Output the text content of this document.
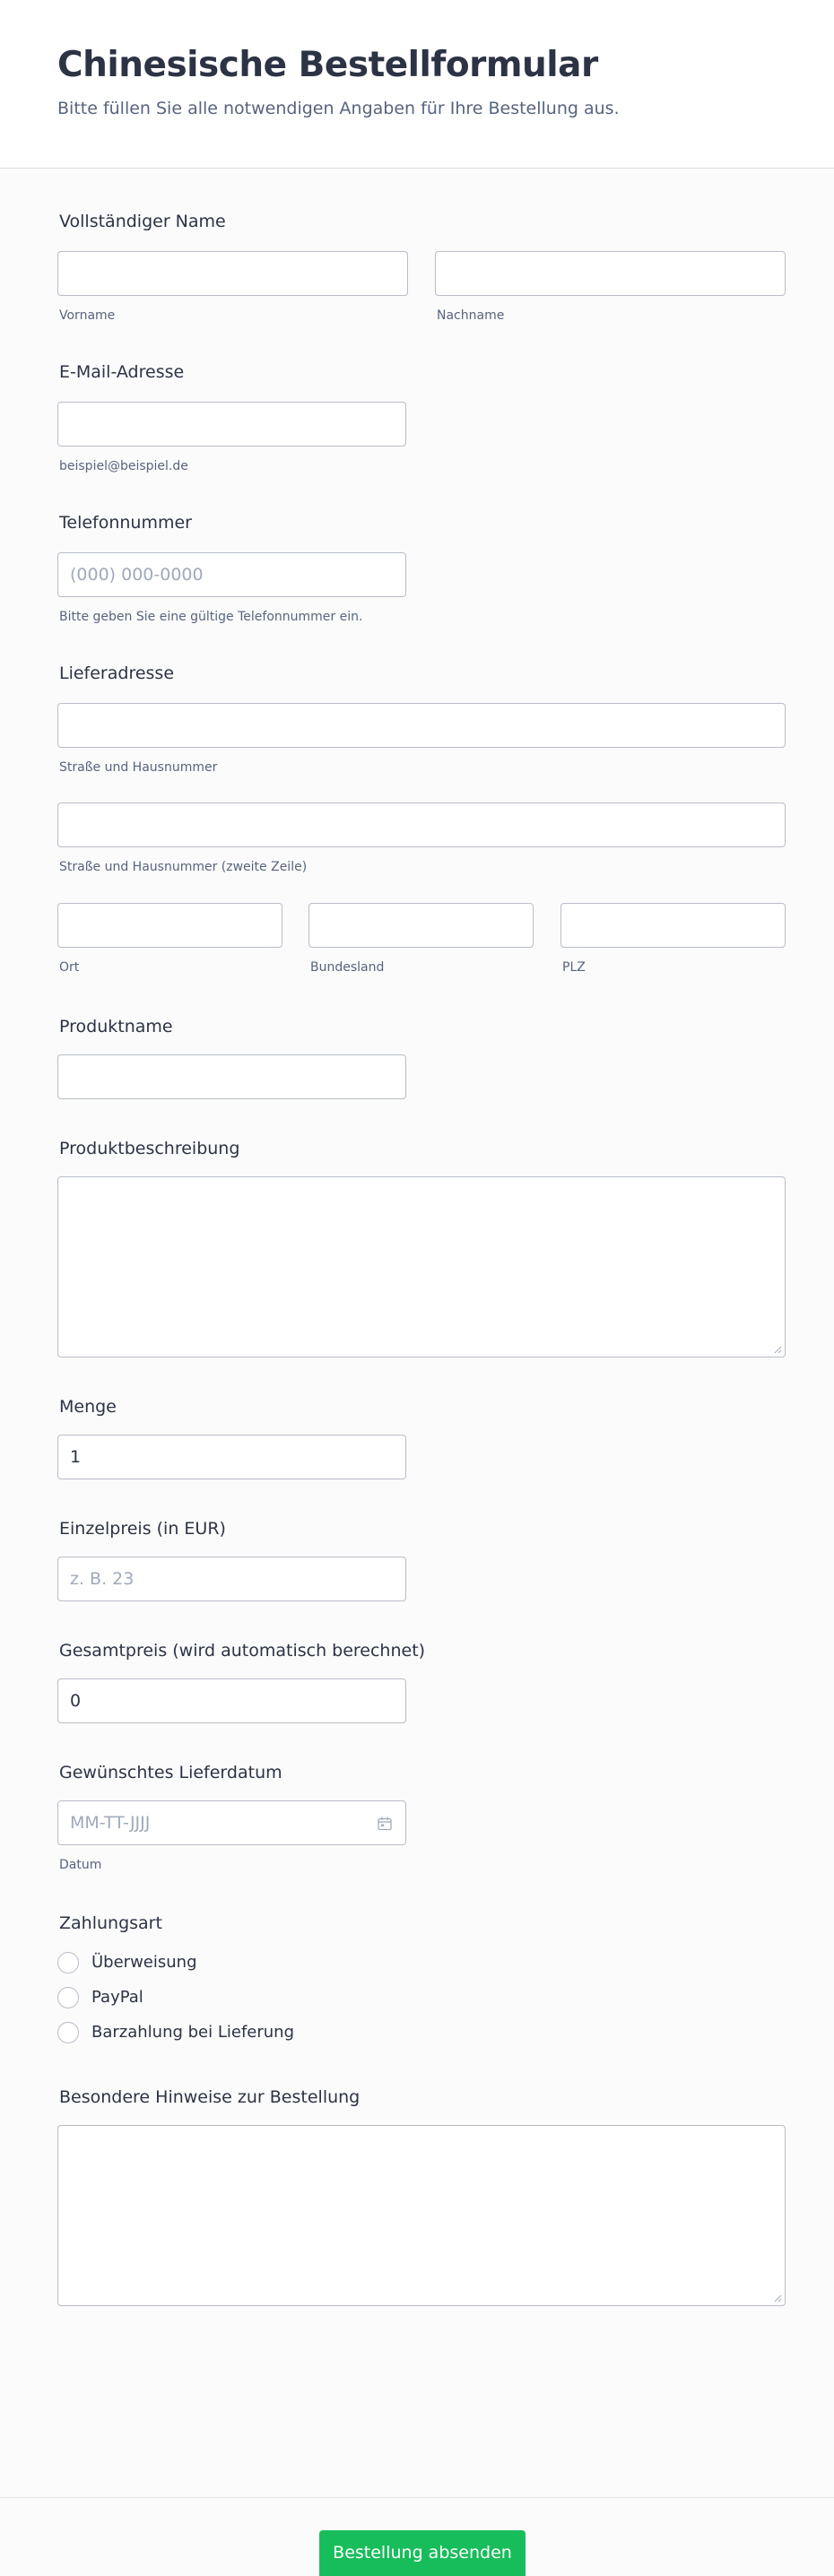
Chinesische Bestellformular
Bitte füllen Sie alle notwendigen Angaben für Ihre Bestellung aus.
Vollständiger Name
Vorname	Nachname
E-Mail-Adresse
beispiel@beispiel.de
Telefonnummer
(000) 000-0000
Bitte geben Sie eine gültige Telefonnummer ein.
Lieferadresse
Straße und Hausnummer
Straße und Hausnummer (zweite Zeile)
Ort	Bundesland	PLZ
Produktname
Produktbeschreibung
Menge
1
Einzelpreis (in EUR)
z. B. 23
Gesamtpreis (wird automatisch berechnet)
0
Gewünschtes Lieferdatum
MM-TT-JJJJ
Datum
Zahlungsart
Überweisung
PayPal
Barzahlung bei Lieferung
Besondere Hinweise zur Bestellung
Bestellung absenden
